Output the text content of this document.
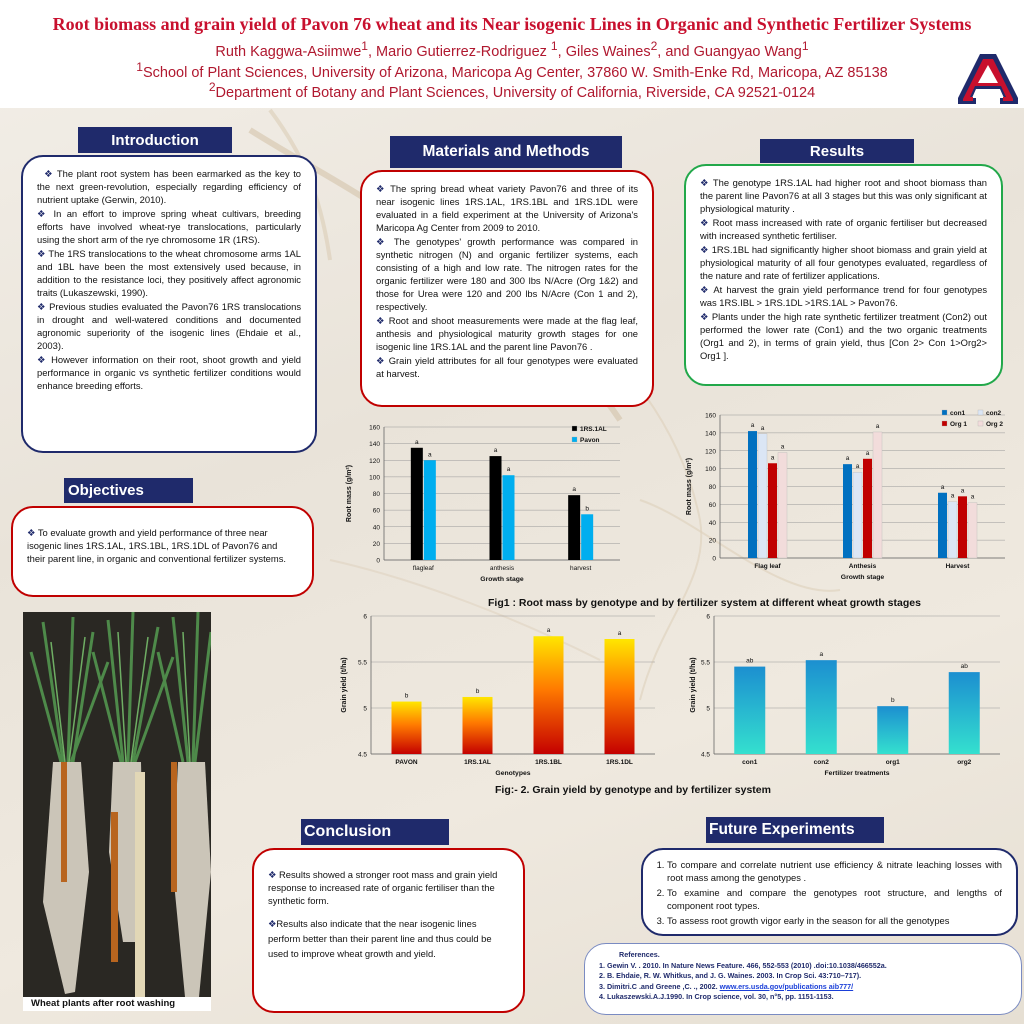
Root biomass and grain yield of Pavon 76 wheat and its Near isogenic Lines in Organic and Synthetic Fertilizer Systems
Ruth Kaggwa-Asiimwe$^1$, Mario Gutierrez-Rodriguez $^1$, Giles Waines$^2$, and Guangyao Wang$^1$
$^1$School of Plant Sciences, University of Arizona, Maricopa Ag Center, 37860 W. Smith-Enke Rd, Maricopa, AZ 85138
$^2$Department of Botany and Plant Sciences, University of California, Riverside, CA 92521-0124
Introduction

❖ The plant root system has been earmarked as the key to the next green-revolution, especially regarding efficiency of nutrient uptake (Gerwin, 2010).

❖ In an effort to improve spring wheat cultivars, breeding efforts have involved wheat-rye translocations, particularly using the short arm of the rye chromosome 1R (1RS).

❖ The 1RS translocations to the wheat chromosome arms 1AL and 1BL have been the most extensively used because, in addition to the resistance loci, they positively affect agronomic traits (Lukaszewski, 1990).

❖ Previous studies evaluated the Pavon76 1RS translocations in drought and well-watered conditions and documented agronomic superiority of the isogenic lines (Ehdaie et al., 2003).

❖ However information on their root, shoot growth and yield performance in organic vs synthetic fertilizer conditions would enhance breeding efforts.

Objectives

❖ To evaluate growth and yield performance of three near isogenic lines 1RS.1AL, 1RS.1BL, 1RS.1DL of Pavon76 and their parent line, in organic and conventional fertilizer systems.

Materials and Methods

❖ The spring bread wheat variety Pavon76 and three of its near isogenic lines 1RS.1AL, 1RS.1BL and 1RS.1DL were evaluated in a field experiment at the University of Arizona's Maricopa Ag Center from 2009 to 2010.

❖ The genotypes' growth performance was compared in synthetic nitrogen (N) and organic fertilizer systems, each consisting of a high and low rate. The nitrogen rates for the organic fertilizer were 180 and 300 lbs N/Acre (Org 1&2) and those for Urea were 120 and 200 lbs N/Acre (Con 1 and 2), respectively.

❖ Root and shoot measurements were made at the flag leaf, anthesis and physiological maturity growth stages for one isogenic line 1RS.1AL and the parent line Pavon76 .

❖ Grain yield attributes for all four genotypes were evaluated at harvest.

Results

❖ The genotype 1RS.1AL had higher root and shoot biomass than the parent line Pavon76 at all 3 stages but this was only significant at physiological maturity .

❖ Root mass increased with rate of organic fertiliser but decreased with increased synthetic fertiliser.

❖ 1RS.1BL had significantly higher shoot biomass and grain yield at physiological maturity of all four genotypes evaluated, regardless of the nature and rate of fertilizer applications.

❖ At harvest the grain yield performance trend for four genotypes was 1RS.IBL > 1RS.1DL >1RS.1AL > Pavon76.

❖ Plants under the high rate synthetic fertilizer treatment (Con2) out performed the lower rate (Con1) and the two organic treatments (Org1 and 2), in terms of grain yield, thus [Con 2> Con 1>Org2> Org1 ].

0
20
40
60
80
100
120
140
160
Root mass (g/m²)
a
a
flagleaf
a
a
anthesis
a
b
harvest
Growth stage
1RS.1AL
Pavon
0
20
40
60
80
100
120
140
160
Root mass (g/m²)
a a
a
a
Flag leaf
a
a
a
a
Anthesis
a
a
a
a
Harvest
Growth stage
con1	con2
Org 1	Org 2
Fig1 : Root mass by genotype and by fertilizer system at different wheat growth stages
4.5
5
5.5
6
Grain yield (t/ha)	b
PAVON
b
1RS.1AL
a
1RS.1BL
a
1RS.1DL
Genotypes
4.5
5
5.5
6
Grain yield (t/ha)	ab
con1
a
con2
b
org1
ab
org2
Fertilizer treatments
Fig:- 2. Grain yield by genotype and by fertilizer system
Wheat plants after root washing
Conclusion

❖ Results showed a stronger root mass and grain yield response to increased rate of organic fertiliser than the synthetic form.

❖Results also indicate that the near isogenic lines perform better than their parent line and thus could be used to improve wheat growth and yield.

Future Experiments
1. To compare and correlate nutrient use efficiency & nitrate leaching losses with root mass among the genotypes .
2. To examine and compare the genotypes root structure, and lengths of component root types.
3. To assess root growth vigor early in the season for all the genotypes
References.
1. Gewin V. . 2010. In Nature News Feature. 466, 552-553 (2010) .doi:10.1038/466552a.
2. B. Ehdaie, R. W. Whitkus, and J. G. Waines. 2003. In Crop Sci. 43:710–717).
3. Dimitri.C .and Greene ,C. ., 2002. www.ers.usda.gov/publications aib777/
4. Lukaszewski.A.J.1990. In Crop science, vol. 30, n°5, pp. 1151-1153.
